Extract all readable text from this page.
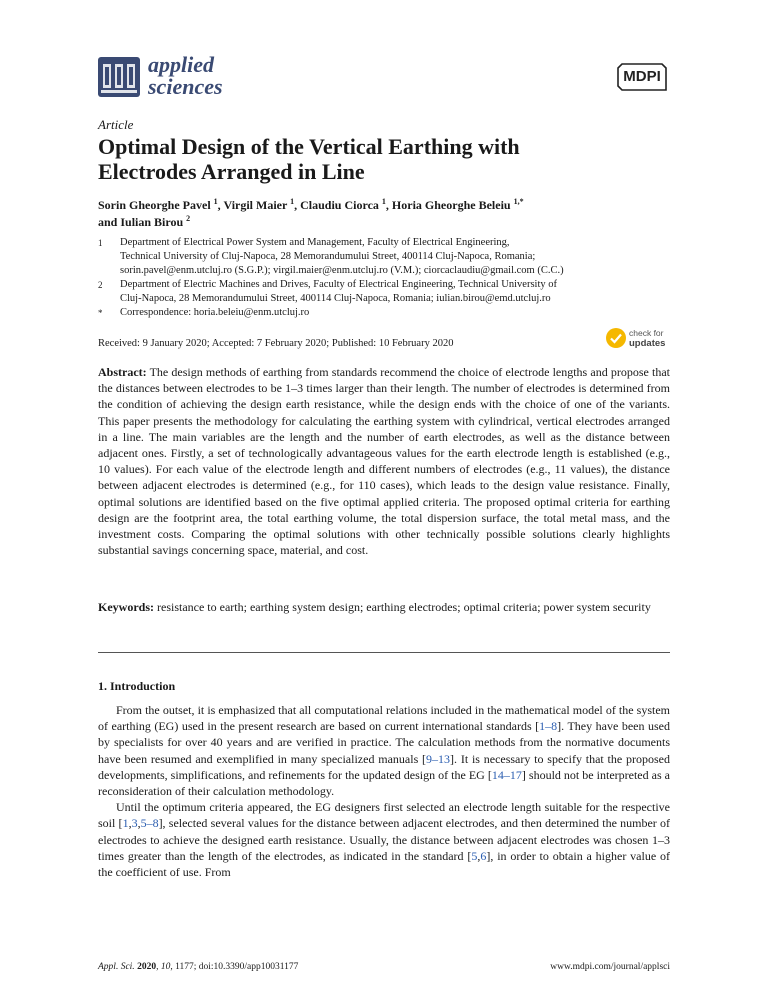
applied
sciences	MDPI
Article
Optimal Design of the Vertical Earthing with
Electrodes Arranged in Line
Sorin Gheorghe Pavel $^1$, Virgil Maier $^1$, Claudiu Ciorca $^1$, Horia Gheorghe Beleiu $^{1,*}$
and Iulian Birou $^2$
1	Department of Electrical Power System and Management, Faculty of Electrical Engineering,
Technical University of Cluj-Napoca, 28 Memorandumului Street, 400114 Cluj-Napoca, Romania;
sorin.pavel@enm.utcluj.ro (S.G.P.); virgil.maier@enm.utcluj.ro (V.M.); ciorcaclaudiu@gmail.com (C.C.)
2	Department of Electric Machines and Drives, Faculty of Electrical Engineering, Technical University of
Cluj-Napoca, 28 Memorandumului Street, 400114 Cluj-Napoca, Romania; iulian.birou@emd.utcluj.ro
*	Correspondence: horia.beleiu@enm.utcluj.ro
Received: 9 January 2020; Accepted: 7 February 2020; Published: 10 February 2020
check for
updates
Abstract: The design methods of earthing from standards recommend the choice of electrode lengths and propose that the distances between electrodes to be 1–3 times larger than their length. The number of electrodes is determined from the condition of achieving the design earth resistance, while the design ends with the choice of one of the variants. This paper presents the methodology for calculating the earthing system with cylindrical, vertical electrodes arranged in a line. The main variables are the length and the number of earth electrodes, as well as the distance between adjacent ones. Firstly, a set of technologically advantageous values for the earth electrode length is established (e.g., 10 values). For each value of the electrode length and different numbers of electrodes (e.g., 11 values), the distance between adjacent electrodes is determined (e.g., for 110 cases), which leads to the design value resistance. Finally, optimal solutions are identified based on the five optimal applied criteria. The proposed optimal criteria for earthing design are the footprint area, the total earthing volume, the total dispersion surface, the total metal mass, and the investment costs. Comparing the optimal solutions with other technically possible solutions clearly highlights substantial savings concerning space, material, and cost.
Keywords: resistance to earth; earthing system design; earthing electrodes; optimal criteria; power system security
1. Introduction

From the outset, it is emphasized that all computational relations included in the mathematical model of the system of earthing (EG) used in the present research are based on current international standards [1–8]. They have been used by specialists for over 40 years and are verified in practice. The calculation methods from the normative documents have been resumed and exemplified in many specialized manuals [9–13]. It is necessary to specify that the proposed developments, simplifications, and refinements for the updated design of the EG [14–17] should not be interpreted as a reconsideration of their calculation methodology.

Until the optimum criteria appeared, the EG designers first selected an electrode length suitable for the respective soil [1,3,5–8], selected several values for the distance between adjacent electrodes, and then determined the number of electrodes to achieve the designed earth resistance. Usually, the distance between adjacent electrodes was chosen 1–3 times greater than the length of the electrodes, as indicated in the standard [5,6], in order to obtain a higher value of the coefficient of use. From

Appl. Sci. 2020, 10, 1177; doi:10.3390/app10031177	www.mdpi.com/journal/applsci
